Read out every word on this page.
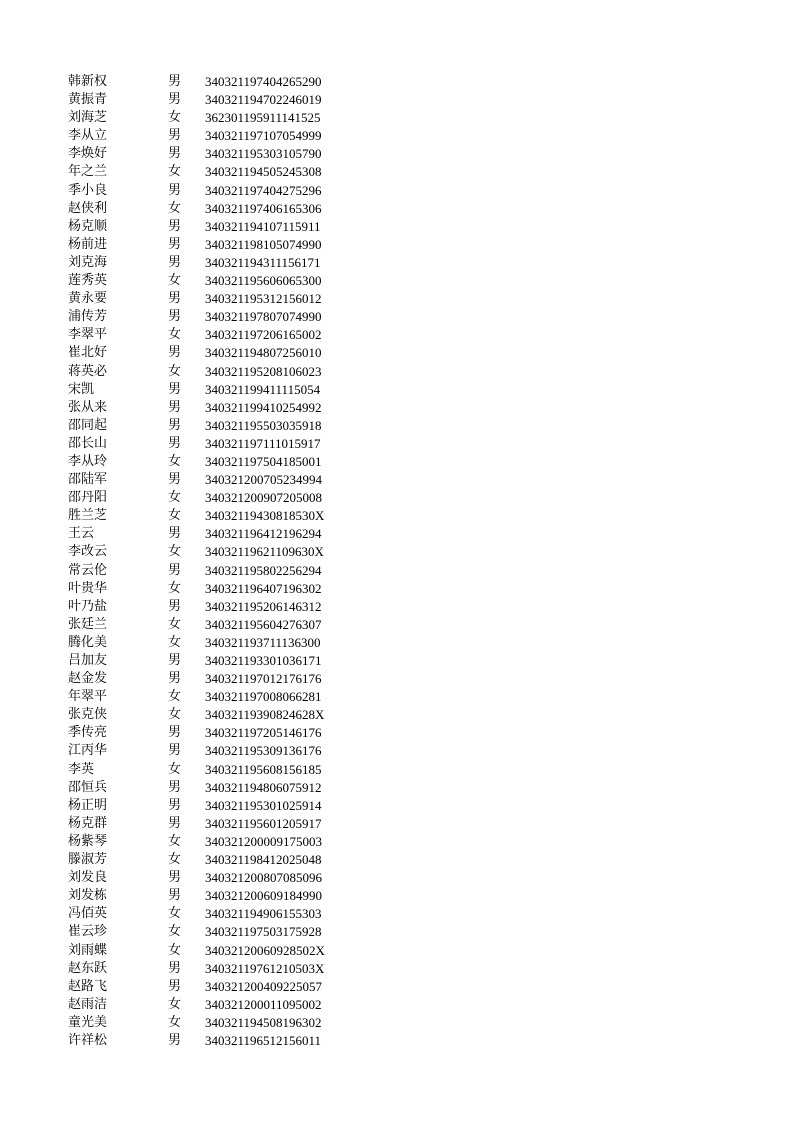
韩新权	男	340321197404265290
黄振青	男	340321194702246019
刘海芝	女	362301195911141525
李从立	男	340321197107054999
李焕好	男	340321195303105790
年之兰	女	340321194505245308
季小良	男	340321197404275296
赵侠利	女	340321197406165306
杨克顺	男	340321194107115911
杨前进	男	340321198105074990
刘克海	男	340321194311156171
莲秀英	女	340321195606065300
黄永要	男	340321195312156012
浦传芳	男	340321197807074990
李翠平	女	340321197206165002
崔北好	男	340321194807256010
蒋英必	女	340321195208106023
宋凯	男	340321199411115054
张从来	男	340321199410254992
邵同起	男	340321195503035918
邵长山	男	340321197111015917
李从玲	女	340321197504185001
邵陆军	男	340321200705234994
邵丹阳	女	340321200907205008
胜兰芝	女	34032119430818530X
王云	男	340321196412196294
李改云	女	34032119621109630X
常云伦	男	340321195802256294
叶贵华	女	340321196407196302
叶乃盐	男	340321195206146312
张廷兰	女	340321195604276307
腾化美	女	340321193711136300
吕加友	男	340321193301036171
赵金发	男	340321197012176176
年翠平	女	340321197008066281
张克侠	女	34032119390824628X
季传亮	男	340321197205146176
江丙华	男	340321195309136176
李英	女	340321195608156185
邵恒兵	男	340321194806075912
杨正明	男	340321195301025914
杨克群	男	340321195601205917
杨紫琴	女	340321200009175003
滕淑芳	女	340321198412025048
刘发良	男	340321200807085096
刘发栋	男	340321200609184990
冯佰英	女	340321194906155303
崔云珍	女	340321197503175928
刘雨蝶	女	34032120060928502X
赵东跃	男	34032119761210503X
赵路飞	男	340321200409225057
赵雨洁	女	340321200011095002
童光美	女	340321194508196302
许祥松	男	340321196512156011
